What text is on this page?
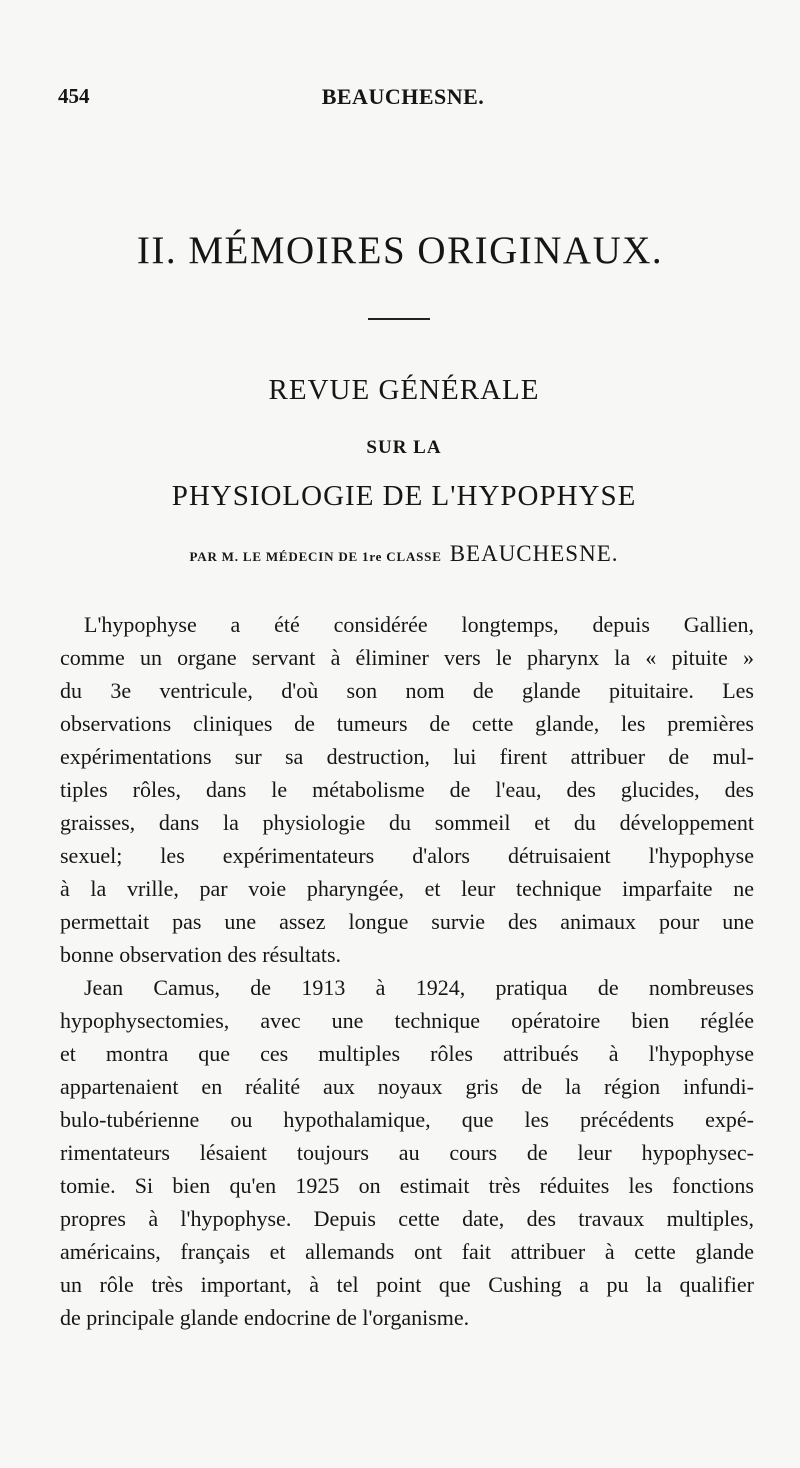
454	BEAUCHESNE.
II. MÉMOIRES ORIGINAUX.
REVUE GÉNÉRALE
SUR LA
PHYSIOLOGIE DE L'HYPOPHYSE
PAR M. LE MÉDECIN DE 1re CLASSE BEAUCHESNE.
L'hypophyse a été considérée longtemps, depuis Gallien,
comme un organe servant à éliminer vers le pharynx la « pituite »
du 3e ventricule, d'où son nom de glande pituitaire. Les
observations cliniques de tumeurs de cette glande, les premières
expérimentations sur sa destruction, lui firent attribuer de mul-
tiples rôles, dans le métabolisme de l'eau, des glucides, des
graisses, dans la physiologie du sommeil et du développement
sexuel; les expérimentateurs d'alors détruisaient l'hypophyse
à la vrille, par voie pharyngée, et leur technique imparfaite ne
permettait pas une assez longue survie des animaux pour une
bonne observation des résultats.
Jean Camus, de 1913 à 1924, pratiqua de nombreuses
hypophysectomies, avec une technique opératoire bien réglée
et montra que ces multiples rôles attribués à l'hypophyse
appartenaient en réalité aux noyaux gris de la région infundi-
bulo-tubérienne ou hypothalamique, que les précédents expé-
rimentateurs lésaient toujours au cours de leur hypophysec-
tomie. Si bien qu'en 1925 on estimait très réduites les fonctions
propres à l'hypophyse. Depuis cette date, des travaux multiples,
américains, français et allemands ont fait attribuer à cette glande
un rôle très important, à tel point que Cushing a pu la qualifier
de principale glande endocrine de l'organisme.
